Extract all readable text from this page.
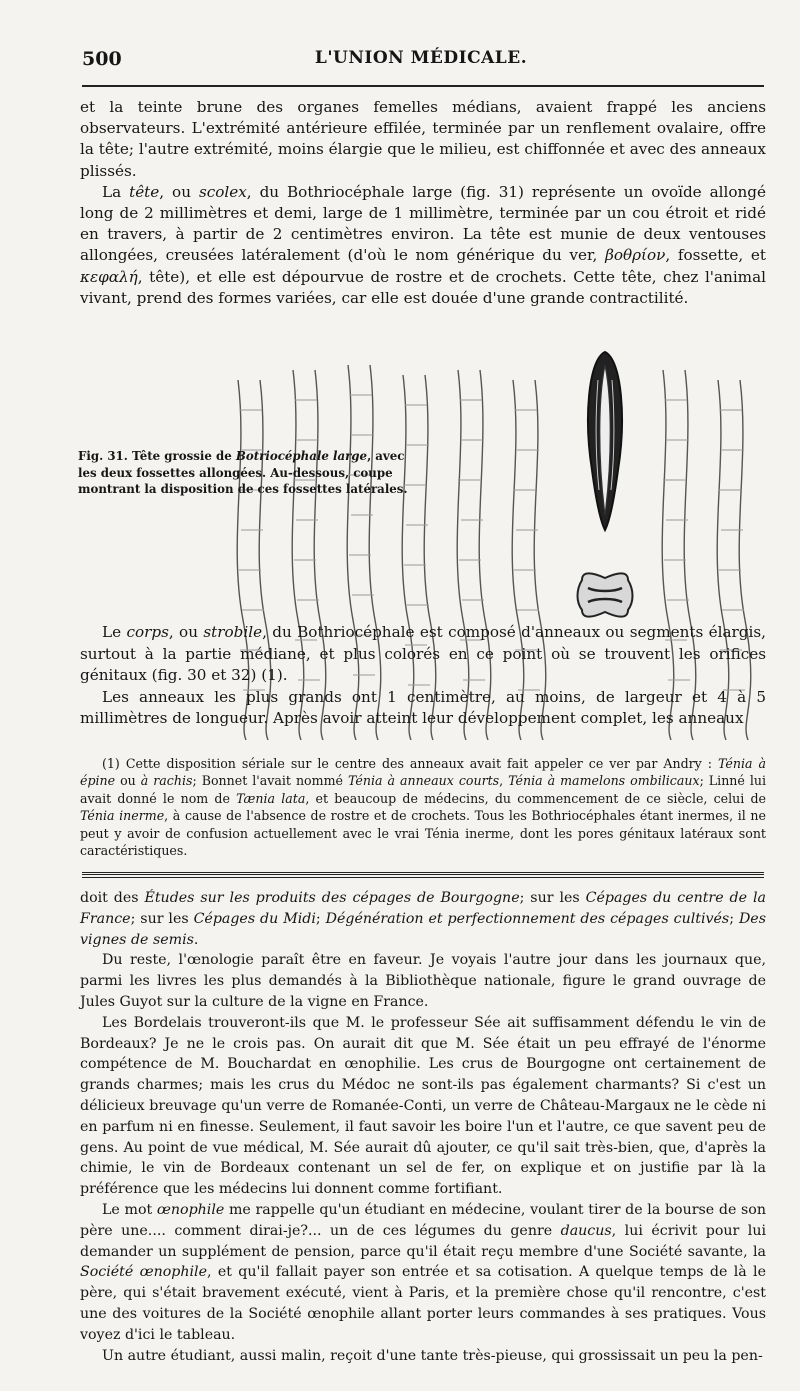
500	L'UNION MÉDICALE.

et la teinte brune des organes femelles médians, avaient frappé les anciens observateurs. L'extrémité antérieure effilée, terminée par un renflement ovalaire, offre la tête; l'autre extrémité, moins élargie que le milieu, est chiffonnée et avec des anneaux plissés.

La tête, ou scolex, du Bothriocéphale large (fig. 31) représente un ovoïde allongé long de 2 millimètres et demi, large de 1 millimètre, terminée par un cou étroit et ridé en travers, à partir de 2 centimètres environ. La tête est munie de deux ventouses allongées, creusées latéralement (d'où le nom générique du ver, βοθρίον, fossette, et κεφαλή, tête), et elle est dépourvue de rostre et de crochets. Cette tête, chez l'animal vivant, prend des formes variées, car elle est douée d'une grande contractilité.

Fig. 31. Tête grossie de Botriocéphale large, avec les deux fossettes allongées. Au-dessous, coupe montrant la disposition de ces fossettes latérales.

Le corps, ou strobile, du Bothriocéphale est composé d'anneaux ou segments élargis, surtout à la partie médiane, et plus colorés en ce point où se trouvent les orifices génitaux (fig. 30 et 32) (1).

Les anneaux les plus grands ont 1 centimètre, au moins, de largeur et 4 à 5 millimètres de longueur. Après avoir atteint leur développement complet, les anneaux

(1) Cette disposition sériale sur le centre des anneaux avait fait appeler ce ver par Andry : Ténia à épine ou à rachis; Bonnet l'avait nommé Ténia à anneaux courts, Ténia à mamelons ombilicaux; Linné lui avait donné le nom de Tænia lata, et beaucoup de médecins, du commencement de ce siècle, celui de Ténia inerme, à cause de l'absence de rostre et de crochets. Tous les Bothriocéphales étant inermes, il ne peut y avoir de confusion actuellement avec le vrai Ténia inerme, dont les pores génitaux latéraux sont caractéristiques.

doit des Études sur les produits des cépages de Bourgogne; sur les Cépages du centre de la France; sur les Cépages du Midi; Dégénération et perfectionnement des cépages cultivés; Des vignes de semis.

Du reste, l'œnologie paraît être en faveur. Je voyais l'autre jour dans les journaux que, parmi les livres les plus demandés à la Bibliothèque nationale, figure le grand ouvrage de Jules Guyot sur la culture de la vigne en France.

Les Bordelais trouveront-ils que M. le professeur Sée ait suffisamment défendu le vin de Bordeaux? Je ne le crois pas. On aurait dit que M. Sée était un peu effrayé de l'énorme compétence de M. Bouchardat en œnophilie. Les crus de Bourgogne ont certainement de grands charmes; mais les crus du Médoc ne sont-ils pas également charmants? Si c'est un délicieux breuvage qu'un verre de Romanée-Conti, un verre de Château-Margaux ne le cède ni en parfum ni en finesse. Seulement, il faut savoir les boire l'un et l'autre, ce que savent peu de gens. Au point de vue médical, M. Sée aurait dû ajouter, ce qu'il sait très-bien, que, d'après la chimie, le vin de Bordeaux contenant un sel de fer, on explique et on justifie par là la préférence que les médecins lui donnent comme fortifiant.

Le mot œnophile me rappelle qu'un étudiant en médecine, voulant tirer de la bourse de son père une.... comment dirai-je?... un de ces légumes du genre daucus, lui écrivit pour lui demander un supplément de pension, parce qu'il était reçu membre d'une Société savante, la Société œnophile, et qu'il fallait payer son entrée et sa cotisation. A quelque temps de là le père, qui s'était bravement exécuté, vient à Paris, et la première chose qu'il rencontre, c'est une des voitures de la Société œnophile allant porter leurs commandes à ses pratiques. Vous voyez d'ici le tableau.

Un autre étudiant, aussi malin, reçoit d'une tante très-pieuse, qui grossissait un peu la pen-
